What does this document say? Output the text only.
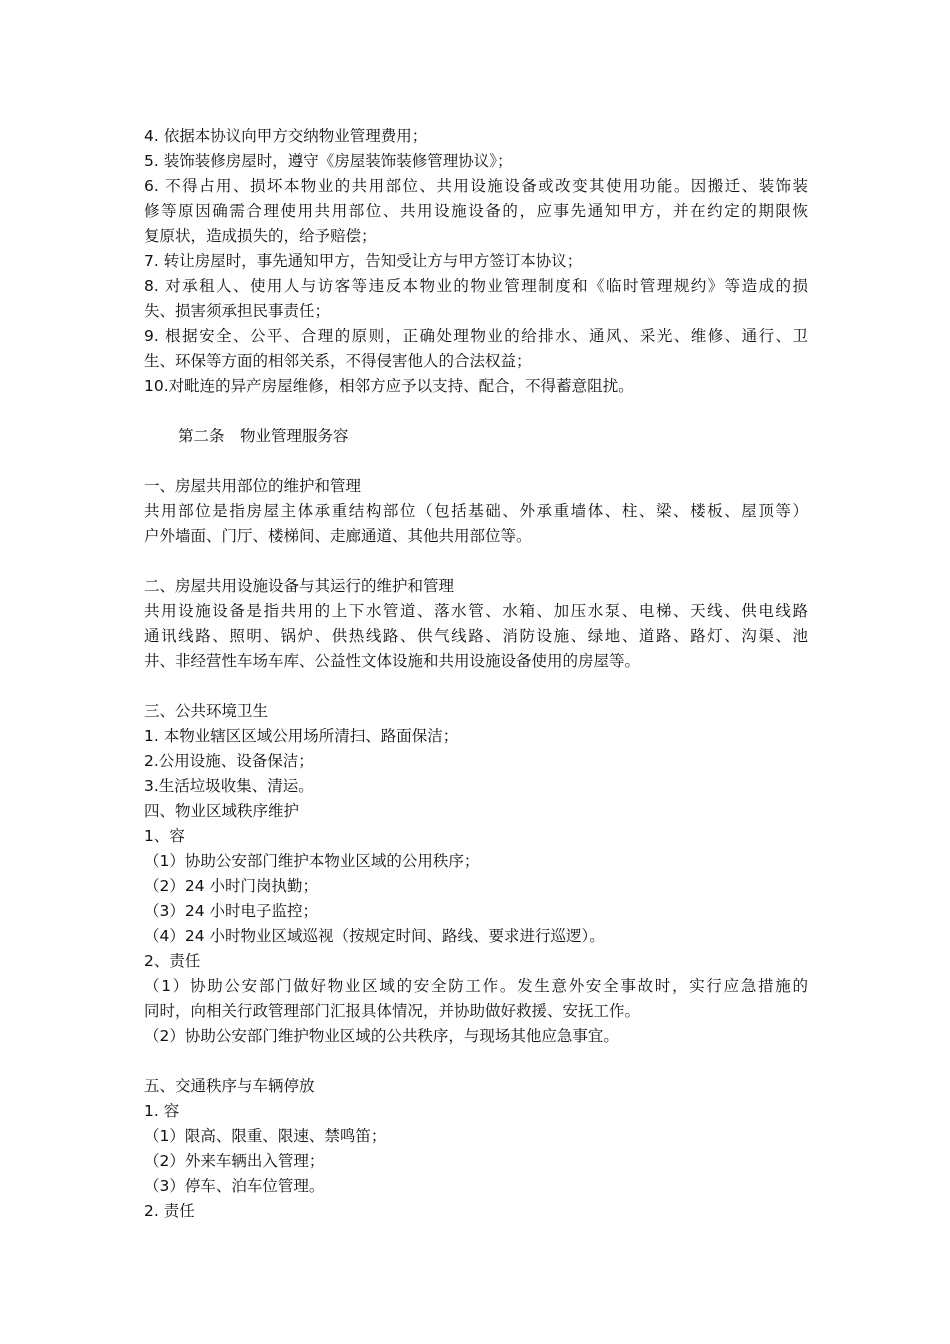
4. 依据本协议向甲方交纳物业管理费用；
5. 装饰装修房屋时，遵守《房屋装饰装修管理协议》；
6. 不得占用、损坏本物业的共用部位、共用设施设备或改变其使用功能。因搬迁、装饰装
修等原因确需合理使用共用部位、共用设施设备的，应事先通知甲方，并在约定的期限恢
复原状，造成损失的，给予赔偿；
7. 转让房屋时，事先通知甲方，告知受让方与甲方签订本协议；
8. 对承租人、使用人与访客等违反本物业的物业管理制度和《临时管理规约》等造成的损
失、损害须承担民事责任；
9. 根据安全、公平、合理的原则，正确处理物业的给排水、通风、采光、维修、通行、卫
生、环保等方面的相邻关系，不得侵害他人的合法权益；
10.对毗连的异产房屋维修，相邻方应予以支持、配合，不得蓄意阻扰。
第二条　物业管理服务容
一、房屋共用部位的维护和管理
共用部位是指房屋主体承重结构部位（包括基础、外承重墙体、柱、梁、楼板、屋顶等）
户外墙面、门厅、楼梯间、走廊通道、其他共用部位等。
二、房屋共用设施设备与其运行的维护和管理
共用设施设备是指共用的上下水管道、落水管、水箱、加压水泵、电梯、天线、供电线路
通讯线路、照明、锅炉、供热线路、供气线路、消防设施、绿地、道路、路灯、沟渠、池
井、非经营性车场车库、公益性文体设施和共用设施设备使用的房屋等。
三、公共环境卫生
1. 本物业辖区区域公用场所清扫、路面保洁；
2.公用设施、设备保洁；
3.生活垃圾收集、清运。
四、物业区域秩序维护
1、容
（1）协助公安部门维护本物业区域的公用秩序；
（2）24 小时门岗执勤；
（3）24 小时电子监控；
（4）24 小时物业区域巡视（按规定时间、路线、要求进行巡逻）。
2、责任
（1）协助公安部门做好物业区域的安全防工作。发生意外安全事故时，实行应急措施的
同时，向相关行政管理部门汇报具体情况，并协助做好救援、安抚工作。
（2）协助公安部门维护物业区域的公共秩序，与现场其他应急事宜。
五、交通秩序与车辆停放
1. 容
（1）限高、限重、限速、禁鸣笛；
（2）外来车辆出入管理；
（3）停车、泊车位管理。
2. 责任
